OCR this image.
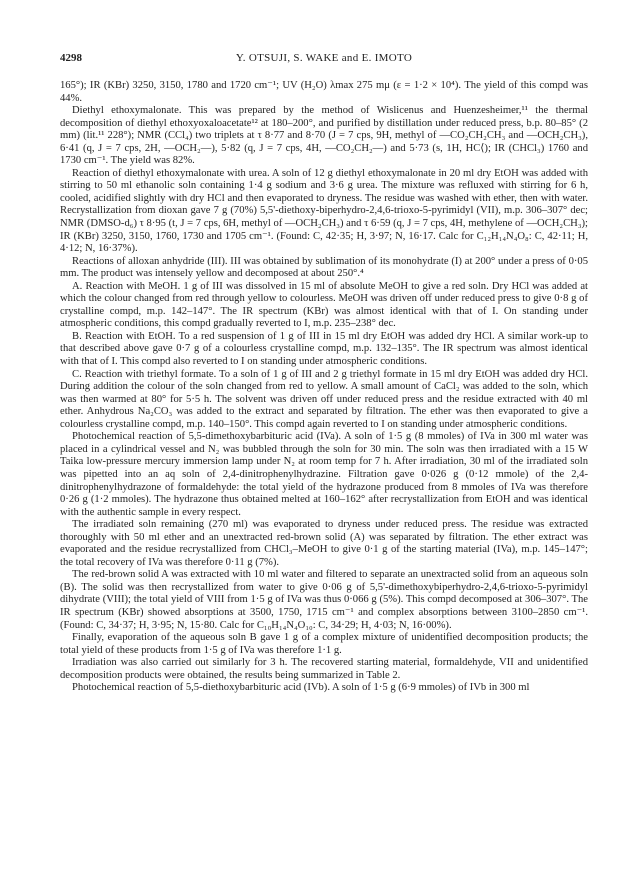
4298	Y. OTSUJI, S. WAKE and E. IMOTO

165°); IR (KBr) 3250, 3150, 1780 and 1720 cm⁻¹; UV (H₂O) λmax 275 mμ (ε = 1·2 × 10⁴). The yield of this compd was 44%.

Diethyl ethoxymalonate. This was prepared by the method of Wislicenus and Huenzesheimer,¹¹ the thermal decomposition of diethyl ethoxyoxaloacetate¹² at 180–200°, and purified by distillation under reduced press, b.p. 80–85° (2 mm) (lit.¹¹ 228°); NMR (CCl₄) two triplets at τ 8·77 and 8·70 (J = 7 cps, 9H, methyl of —CO₂CH₂CH₃ and —OCH₂CH₃), 6·41 (q, J = 7 cps, 2H, —OCH₂—), 5·82 (q, J = 7 cps, 4H, —CO₂CH₂—) and 5·73 (s, 1H, HC⟨); IR (CHCl₃) 1760 and 1730 cm⁻¹. The yield was 82%.

Reaction of diethyl ethoxymalonate with urea. A soln of 12 g diethyl ethoxymalonate in 20 ml dry EtOH was added with stirring to 50 ml ethanolic soln containing 1·4 g sodium and 3·6 g urea. The mixture was refluxed with stirring for 6 h, cooled, acidified slightly with dry HCl and then evaporated to dryness. The residue was washed with ether, then with water. Recrystallization from dioxan gave 7 g (70%) 5,5'-diethoxy-biperhydro-2,4,6-trioxo-5-pyrimidyl (VII), m.p. 306–307° dec; NMR (DMSO-d₆) τ 8·95 (t, J = 7 cps, 6H, methyl of —OCH₂CH₃) and τ 6·59 (q, J = 7 cps, 4H, methylene of —OCH₂CH₃); IR (KBr) 3250, 3150, 1760, 1730 and 1705 cm⁻¹. (Found: C, 42·35; H, 3·97; N, 16·17. Calc for C₁₂H₁₄N₄O₈: C, 42·11; H, 4·12; N, 16·37%).

Reactions of alloxan anhydride (III). III was obtained by sublimation of its monohydrate (I) at 200° under a press of 0·05 mm. The product was intensely yellow and decomposed at about 250°.⁴

A. Reaction with MeOH. 1 g of III was dissolved in 15 ml of absolute MeOH to give a red soln. Dry HCl was added at which the colour changed from red through yellow to colourless. MeOH was driven off under reduced press to give 0·8 g of crystalline compd, m.p. 142–147°. The IR spectrum (KBr) was almost identical with that of I. On standing under atmospheric conditions, this compd gradually reverted to I, m.p. 235–238° dec.

B. Reaction with EtOH. To a red suspension of 1 g of III in 15 ml dry EtOH was added dry HCl. A similar work-up to that described above gave 0·7 g of a colourless crystalline compd, m.p. 132–135°. The IR spectrum was almost identical with that of I. This compd also reverted to I on standing under atmospheric conditions.

C. Reaction with triethyl formate. To a soln of 1 g of III and 2 g triethyl formate in 15 ml dry EtOH was added dry HCl. During addition the colour of the soln changed from red to yellow. A small amount of CaCl₂ was added to the soln, which was then warmed at 80° for 5·5 h. The solvent was driven off under reduced press and the residue extracted with 40 ml ether. Anhydrous Na₂CO₃ was added to the extract and separated by filtration. The ether was then evaporated to give a colourless crystalline compd, m.p. 140–150°. This compd again reverted to I on standing under atmospheric conditions.

Photochemical reaction of 5,5-dimethoxybarbituric acid (IVa). A soln of 1·5 g (8 mmoles) of IVa in 300 ml water was placed in a cylindrical vessel and N₂ was bubbled through the soln for 30 min. The soln was then irradiated with a 15 W Taika low-pressure mercury immersion lamp under N₂ at room temp for 7 h. After irradiation, 30 ml of the irradiated soln was pipetted into an aq soln of 2,4-dinitrophenylhydrazine. Filtration gave 0·026 g (0·12 mmole) of the 2,4-dinitrophenylhydrazone of formaldehyde: the total yield of the hydrazone produced from 8 mmoles of IVa was therefore 0·26 g (1·2 mmoles). The hydrazone thus obtained melted at 160–162° after recrystallization from EtOH and was identical with the authentic sample in every respect.

The irradiated soln remaining (270 ml) was evaporated to dryness under reduced press. The residue was extracted thoroughly with 50 ml ether and an unextracted red-brown solid (A) was separated by filtration. The ether extract was evaporated and the residue recrystallized from CHCl₃–MeOH to give 0·1 g of the starting material (IVa), m.p. 145–147°; the total recovery of IVa was therefore 0·11 g (7%).

The red-brown solid A was extracted with 10 ml water and filtered to separate an unextracted solid from an aqueous soln (B). The solid was then recrystallized from water to give 0·06 g of 5,5'-dimethoxybiperhydro-2,4,6-trioxo-5-pyrimidyl dihydrate (VIII); the total yield of VIII from 1·5 g of IVa was thus 0·066 g (5%). This compd decomposed at 306–307°. The IR spectrum (KBr) showed absorptions at 3500, 1750, 1715 cm⁻¹ and complex absorptions between 3100–2850 cm⁻¹. (Found: C, 34·37; H, 3·95; N, 15·80. Calc for C₁₀H₁₄N₄O₁₀: C, 34·29; H, 4·03; N, 16·00%).

Finally, evaporation of the aqueous soln B gave 1 g of a complex mixture of unidentified decomposition products; the total yield of these products from 1·5 g of IVa was therefore 1·1 g.

Irradiation was also carried out similarly for 3 h. The recovered starting material, formaldehyde, VII and unidentified decomposition products were obtained, the results being summarized in Table 2.

Photochemical reaction of 5,5-diethoxybarbituric acid (IVb). A soln of 1·5 g (6·9 mmoles) of IVb in 300 ml
